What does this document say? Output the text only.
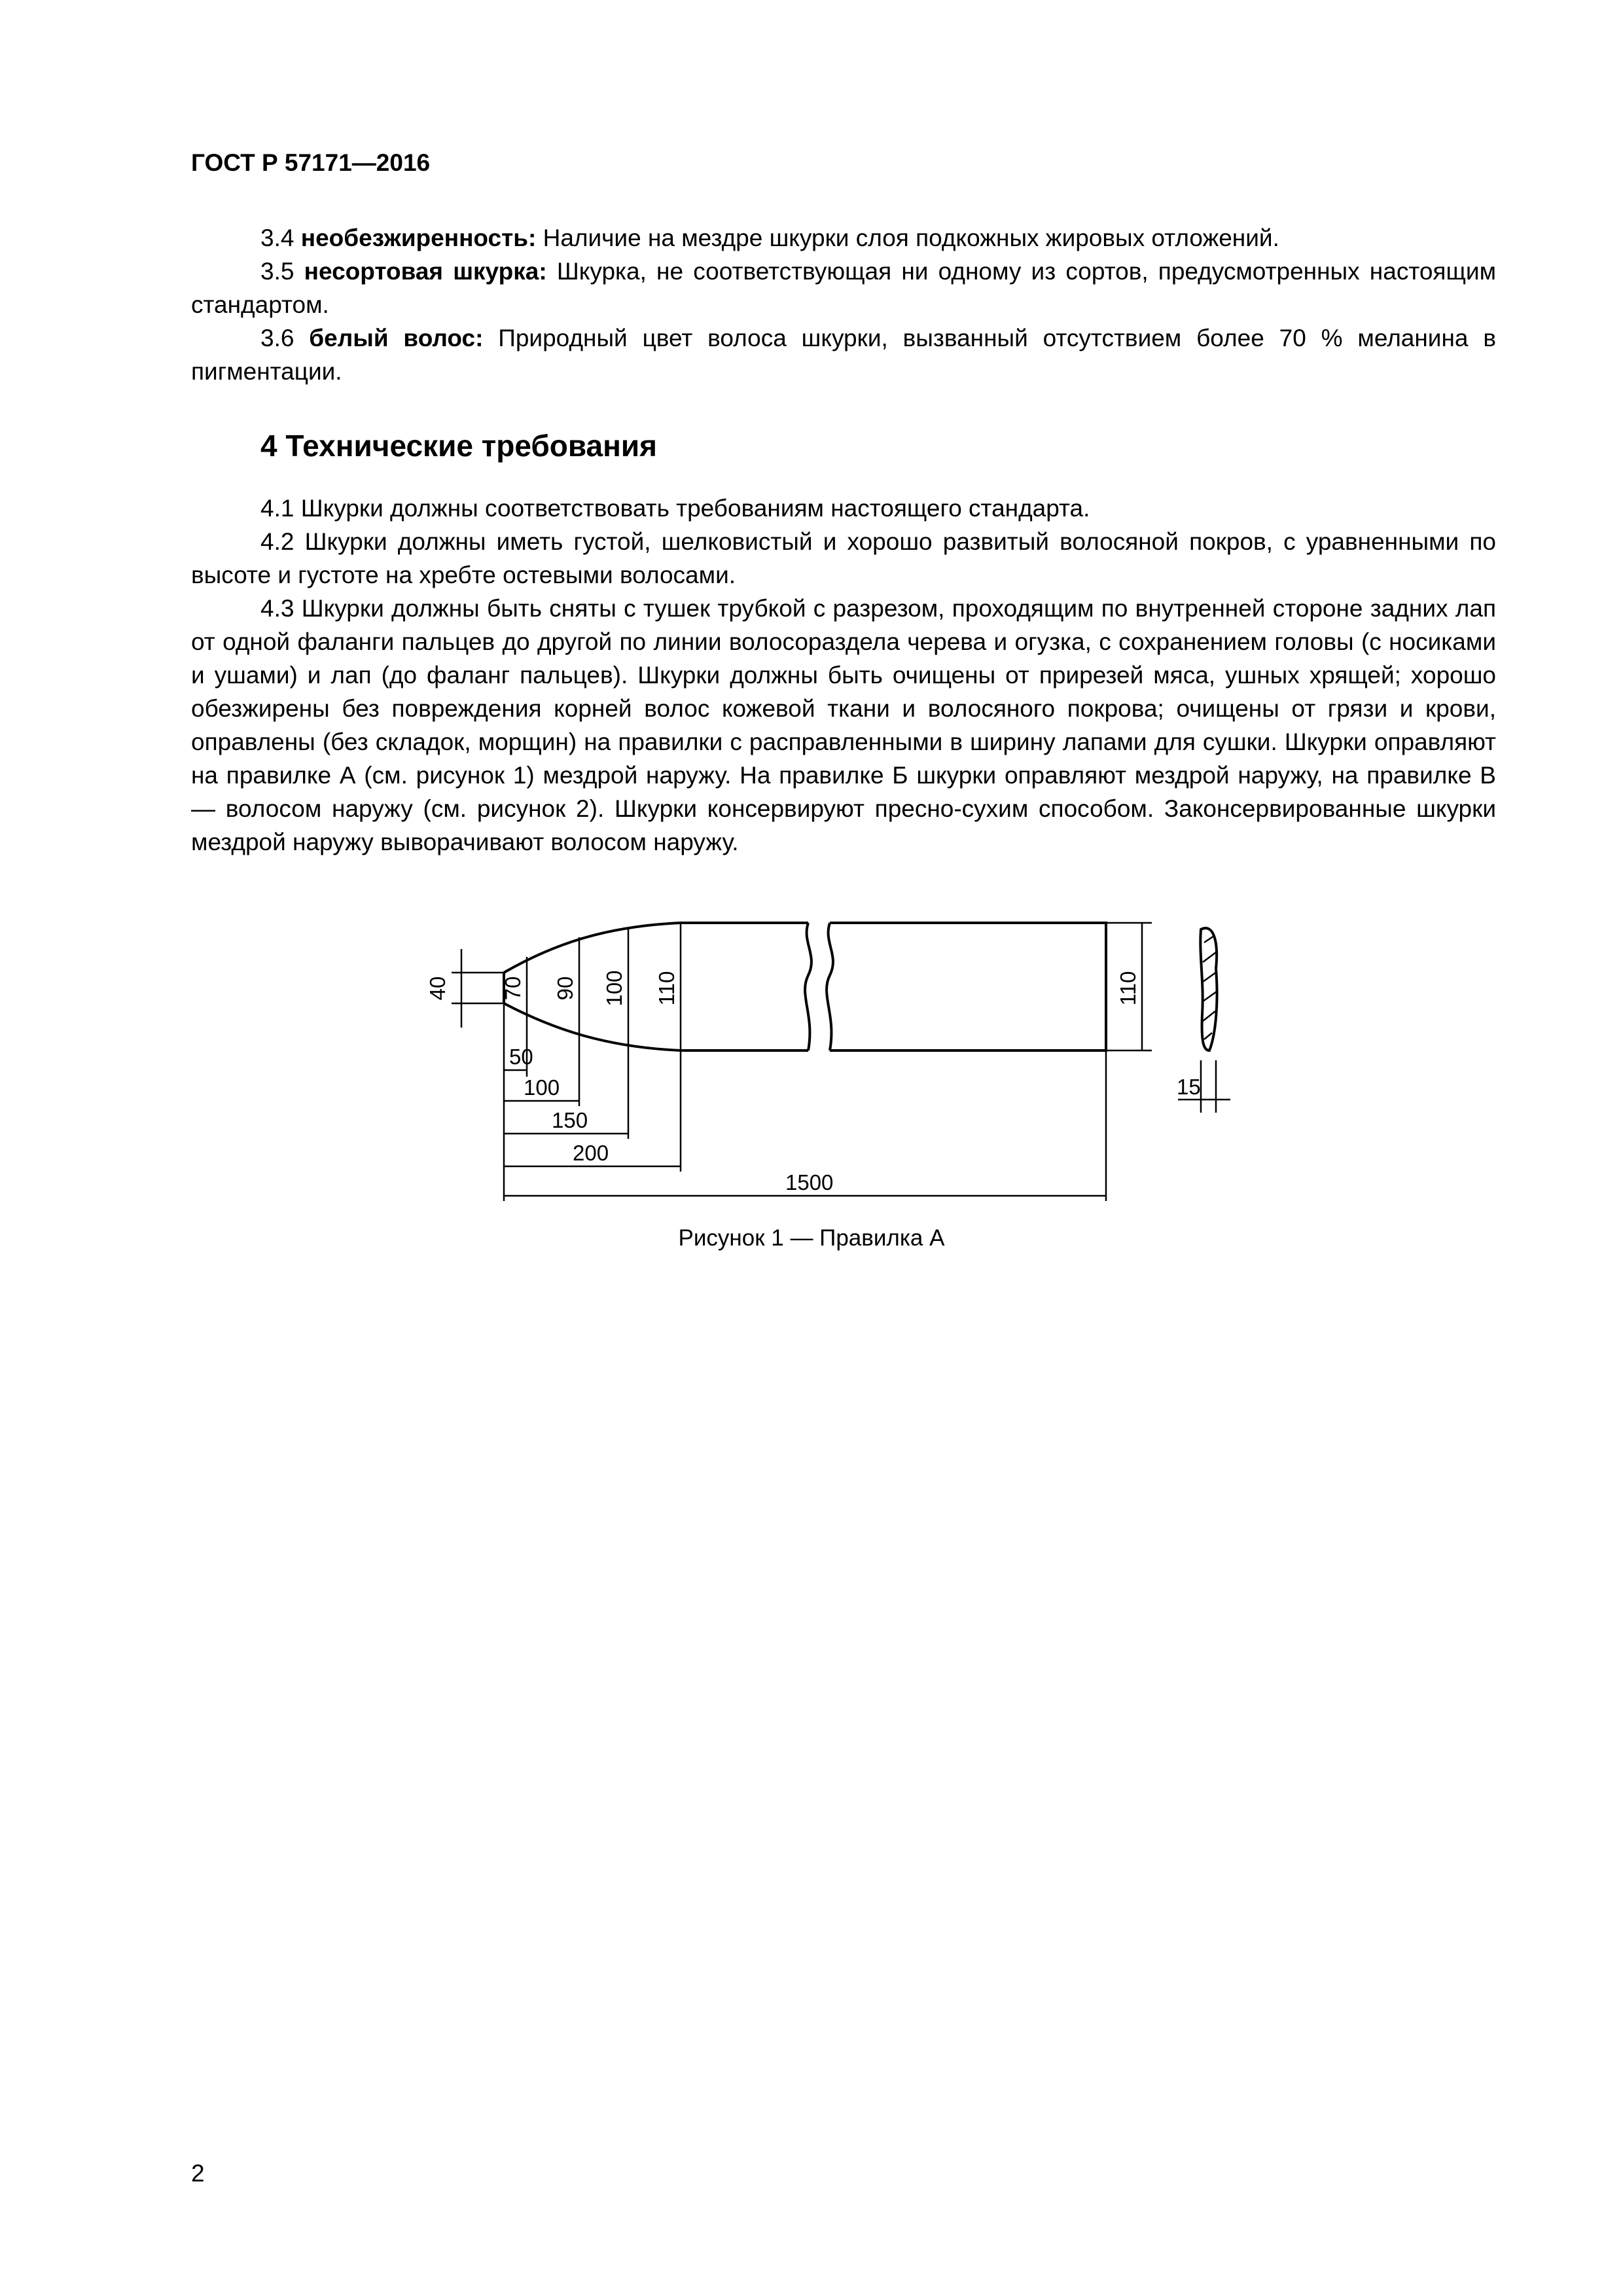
ГОСТ Р 57171—2016

3.4 необезжиренность: Наличие на мездре шкурки слоя подкожных жировых отложений.

3.5 несортовая шкурка: Шкурка, не соответствующая ни одному из сортов, предусмотренных настоящим стандартом.

3.6 белый волос: Природный цвет волоса шкурки, вызванный отсутствием более 70 % меланина в пигментации.

4 Технические требования

4.1 Шкурки должны соответствовать требованиям настоящего стандарта.

4.2 Шкурки должны иметь густой, шелковистый и хорошо развитый волосяной покров, с уравненными по высоте и густоте на хребте остевыми волосами.

4.3 Шкурки должны быть сняты с тушек трубкой с разрезом, проходящим по внутренней стороне задних лап от одной фаланги пальцев до другой по линии волосораздела черева и огузка, с сохранением головы (с носиками и ушами) и лап (до фаланг пальцев). Шкурки должны быть очищены от прирезей мяса, ушных хрящей; хорошо обезжирены без повреждения корней волос кожевой ткани и волосяного покрова; очищены от грязи и крови, оправлены (без складок, морщин) на правилки с расправленными в ширину лапами для сушки. Шкурки оправляют на правилке А (см. рисунок 1) мездрой наружу. На правилке Б шкурки оправляют мездрой наружу, на правилке В — волосом наружу (см. рисунок 2). Шкурки консервируют пресно-сухим способом. Законсервированные шкурки мездрой наружу выворачивают волосом наружу.

40 70 90 100 110	110
50
100
150
200
1500
15
Рисунок 1 — Правилка А
2
